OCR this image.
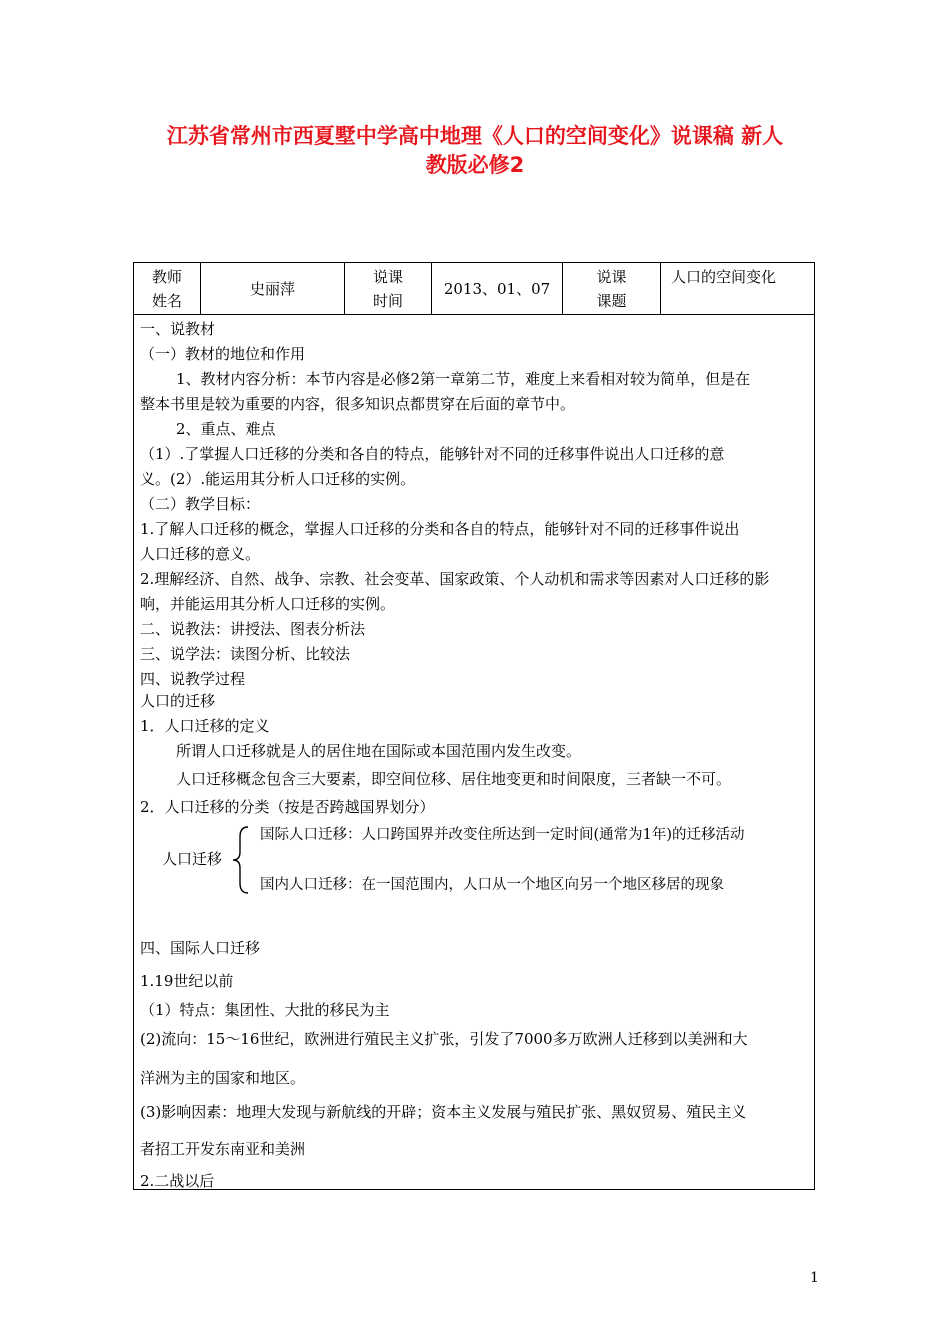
江苏省常州市西夏墅中学高中地理《人口的空间变化》说课稿 新人
教版必修2
教师
姓名
史丽萍
说课
时间
2013、01、07
说课
课题
人口的空间变化
一、说教材
（一）教材的地位和作用
1、教材内容分析：本节内容是必修2第一章第二节，难度上来看相对较为简单，但是在
整本书里是较为重要的内容，很多知识点都贯穿在后面的章节中。
2、重点、难点
（1）.了掌握人口迁移的分类和各自的特点，能够针对不同的迁移事件说出人口迁移的意
义。(2）.能运用其分析人口迁移的实例。
（二）教学目标：
1.了解人口迁移的概念，掌握人口迁移的分类和各自的特点，能够针对不同的迁移事件说出
人口迁移的意义。
2.理解经济、自然、战争、宗教、社会变革、国家政策、个人动机和需求等因素对人口迁移的影
响，并能运用其分析人口迁移的实例。
二、说教法：讲授法、图表分析法
三、说学法：读图分析、比较法
四、说教学过程
人口的迁移
1．人口迁移的定义
所谓人口迁移就是人的居住地在国际或本国范围内发生改变。
人口迁移概念包含三大要素，即空间位移、居住地变更和时间限度，三者缺一不可。
2．人口迁移的分类（按是否跨越国界划分）
人口迁移
国际人口迁移：人口跨国界并改变住所达到一定时间(通常为1年)的迁移活动
国内人口迁移：在一国范围内，人口从一个地区向另一个地区移居的现象
四、国际人口迁移
1.19世纪以前
（1）特点：集团性、大批的移民为主
(2)流向：15～16世纪，欧洲进行殖民主义扩张，引发了7000多万欧洲人迁移到以美洲和大
洋洲为主的国家和地区。
(3)影响因素：地理大发现与新航线的开辟；资本主义发展与殖民扩张、黑奴贸易、殖民主义
者招工开发东南亚和美洲
2.二战以后
1
